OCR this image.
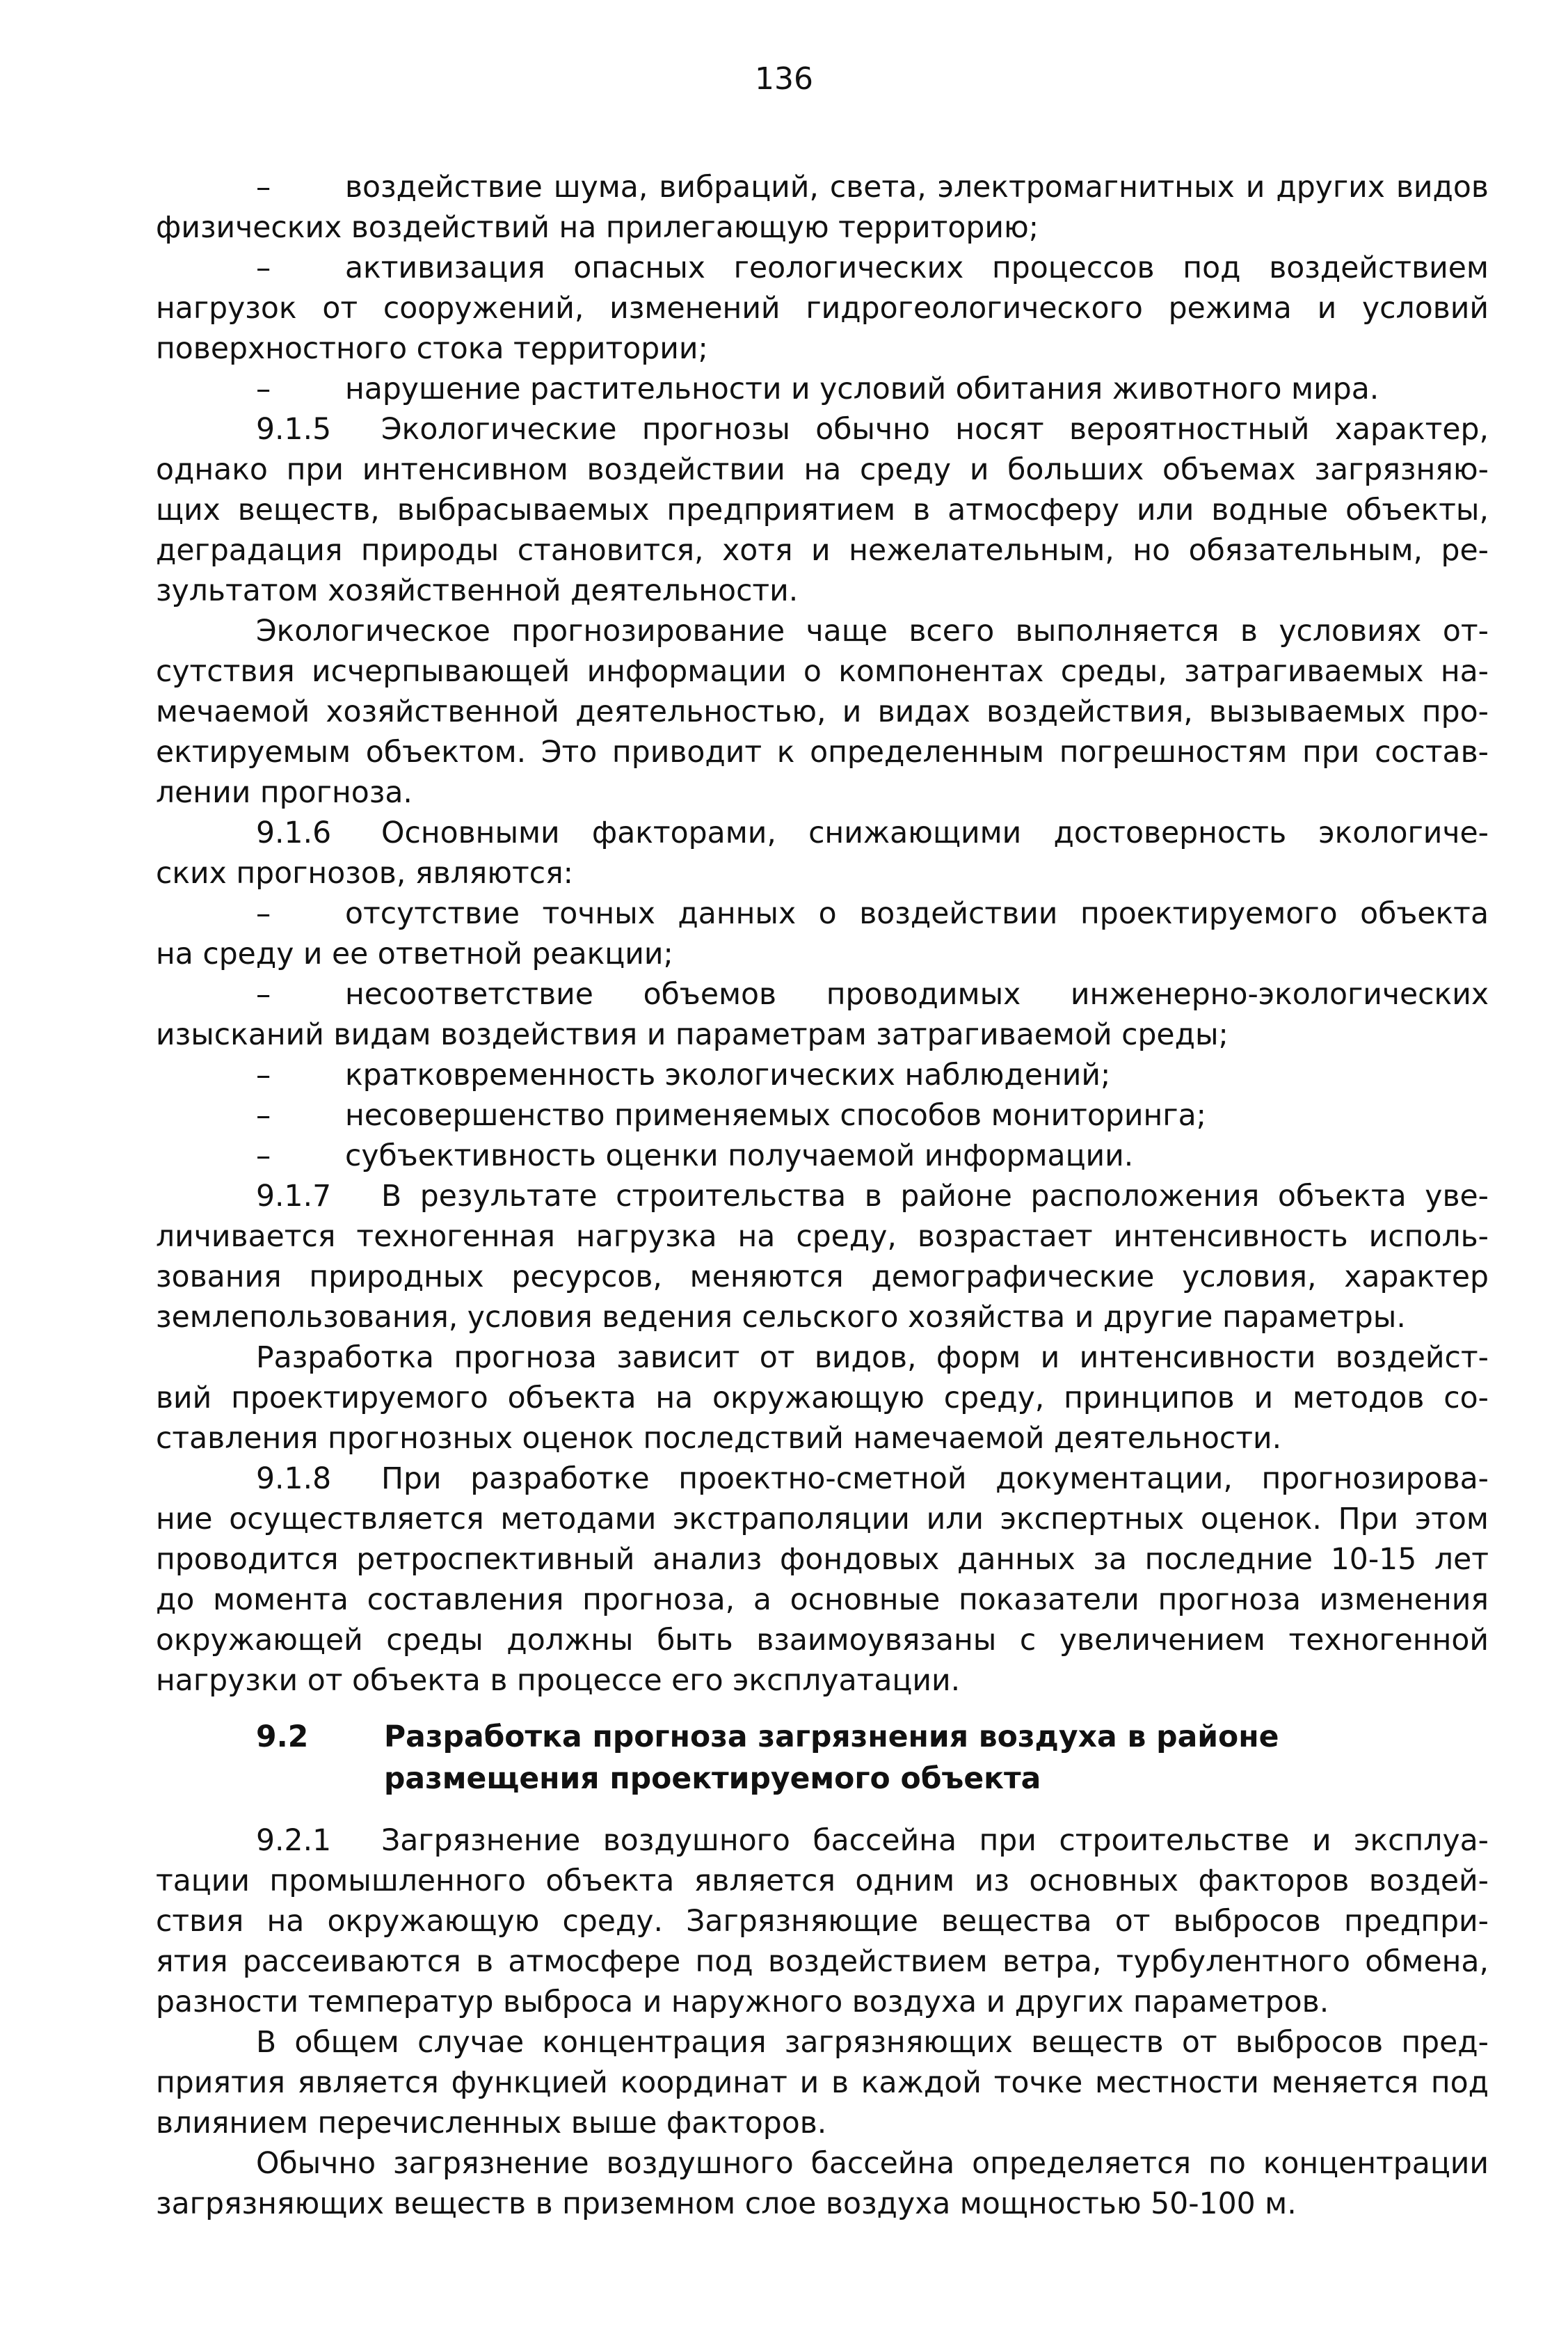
136
–	воздействие шума, вибраций, света, электромагнитных и других видов
физических воздействий на прилегающую территорию;
–	активизация опасных геологических процессов под воздействием
нагрузок от сооружений, изменений гидрогеологического режима и условий
поверхностного стока территории;
–	нарушение растительности и условий обитания животного мира.
9.1.5	Экологические прогнозы обычно носят вероятностный характер,
однако при интенсивном воздействии на среду и больших объемах загрязняю-
щих веществ, выбрасываемых предприятием в атмосферу или водные объекты,
деградация природы становится, хотя и нежелательным, но обязательным, ре-
зультатом хозяйственной деятельности.
Экологическое прогнозирование чаще всего выполняется в условиях от-
сутствия исчерпывающей информации о компонентах среды, затрагиваемых на-
мечаемой хозяйственной деятельностью, и видах воздействия, вызываемых про-
ектируемым объектом. Это приводит к определенным погрешностям при состав-
лении прогноза.
9.1.6	Основными факторами, снижающими достоверность экологиче-
ских прогнозов, являются:
–	отсутствие точных данных о воздействии проектируемого объекта
на среду и ее ответной реакции;
–	несоответствие объемов проводимых инженерно-экологических
изысканий видам воздействия и параметрам затрагиваемой среды;
–	кратковременность экологических наблюдений;
–	несовершенство применяемых способов мониторинга;
–	субъективность оценки получаемой информации.
9.1.7	В результате строительства в районе расположения объекта уве-
личивается техногенная нагрузка на среду, возрастает интенсивность исполь-
зования природных ресурсов, меняются демографические условия, характер
землепользования, условия ведения сельского хозяйства и другие параметры.
Разработка прогноза зависит от видов, форм и интенсивности воздейст-
вий проектируемого объекта на окружающую среду, принципов и методов со-
ставления прогнозных оценок последствий намечаемой деятельности.
9.1.8	При разработке проектно-сметной документации, прогнозирова-
ние осуществляется методами экстраполяции или экспертных оценок. При этом
проводится ретроспективный анализ фондовых данных за последние 10-15 лет
до момента составления прогноза, а основные показатели прогноза изменения
окружающей среды должны быть взаимоувязаны с увеличением техногенной
нагрузки от объекта в процессе его эксплуатации.
9.2	Разработка прогноза загрязнения воздуха в районе
размещения проектируемого объекта
9.2.1	Загрязнение воздушного бассейна при строительстве и эксплуа-
тации промышленного объекта является одним из основных факторов воздей-
ствия на окружающую среду. Загрязняющие вещества от выбросов предпри-
ятия рассеиваются в атмосфере под воздействием ветра, турбулентного обмена,
разности температур выброса и наружного воздуха и других параметров.
В общем случае концентрация загрязняющих веществ от выбросов пред-
приятия является функцией координат и в каждой точке местности меняется под
влиянием перечисленных выше факторов.
Обычно загрязнение воздушного бассейна определяется по концентрации
загрязняющих веществ в приземном слое воздуха мощностью 50-100 м.
